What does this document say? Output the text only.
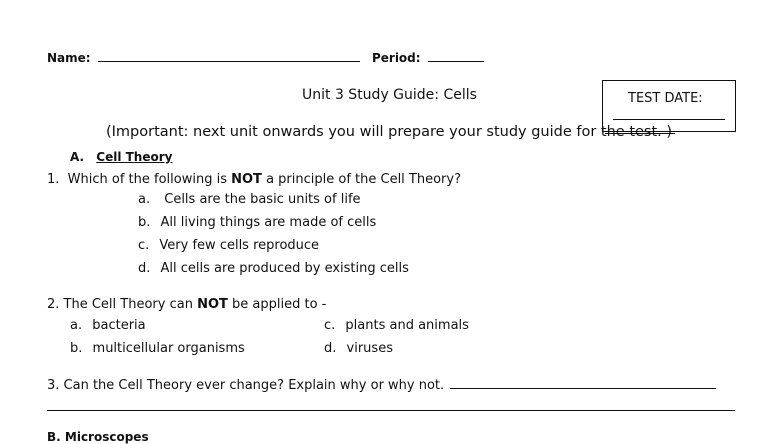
Name:	Period:
Unit 3 Study Guide: Cells	TEST DATE:
(Important: next unit onwards you will prepare your study guide for the test. )
A. Cell Theory
1.  Which of the following is NOT a principle of the Cell Theory?
a. Cells are the basic units of life
b. All living things are made of cells
c. Very few cells reproduce
d. All cells are produced by existing cells
2. The Cell Theory can NOT be applied to -
a. bacteria
b. multicellular organisms
c. plants and animals
d. viruses
3. Can the Cell Theory ever change? Explain why or why not.
B. Microscopes
